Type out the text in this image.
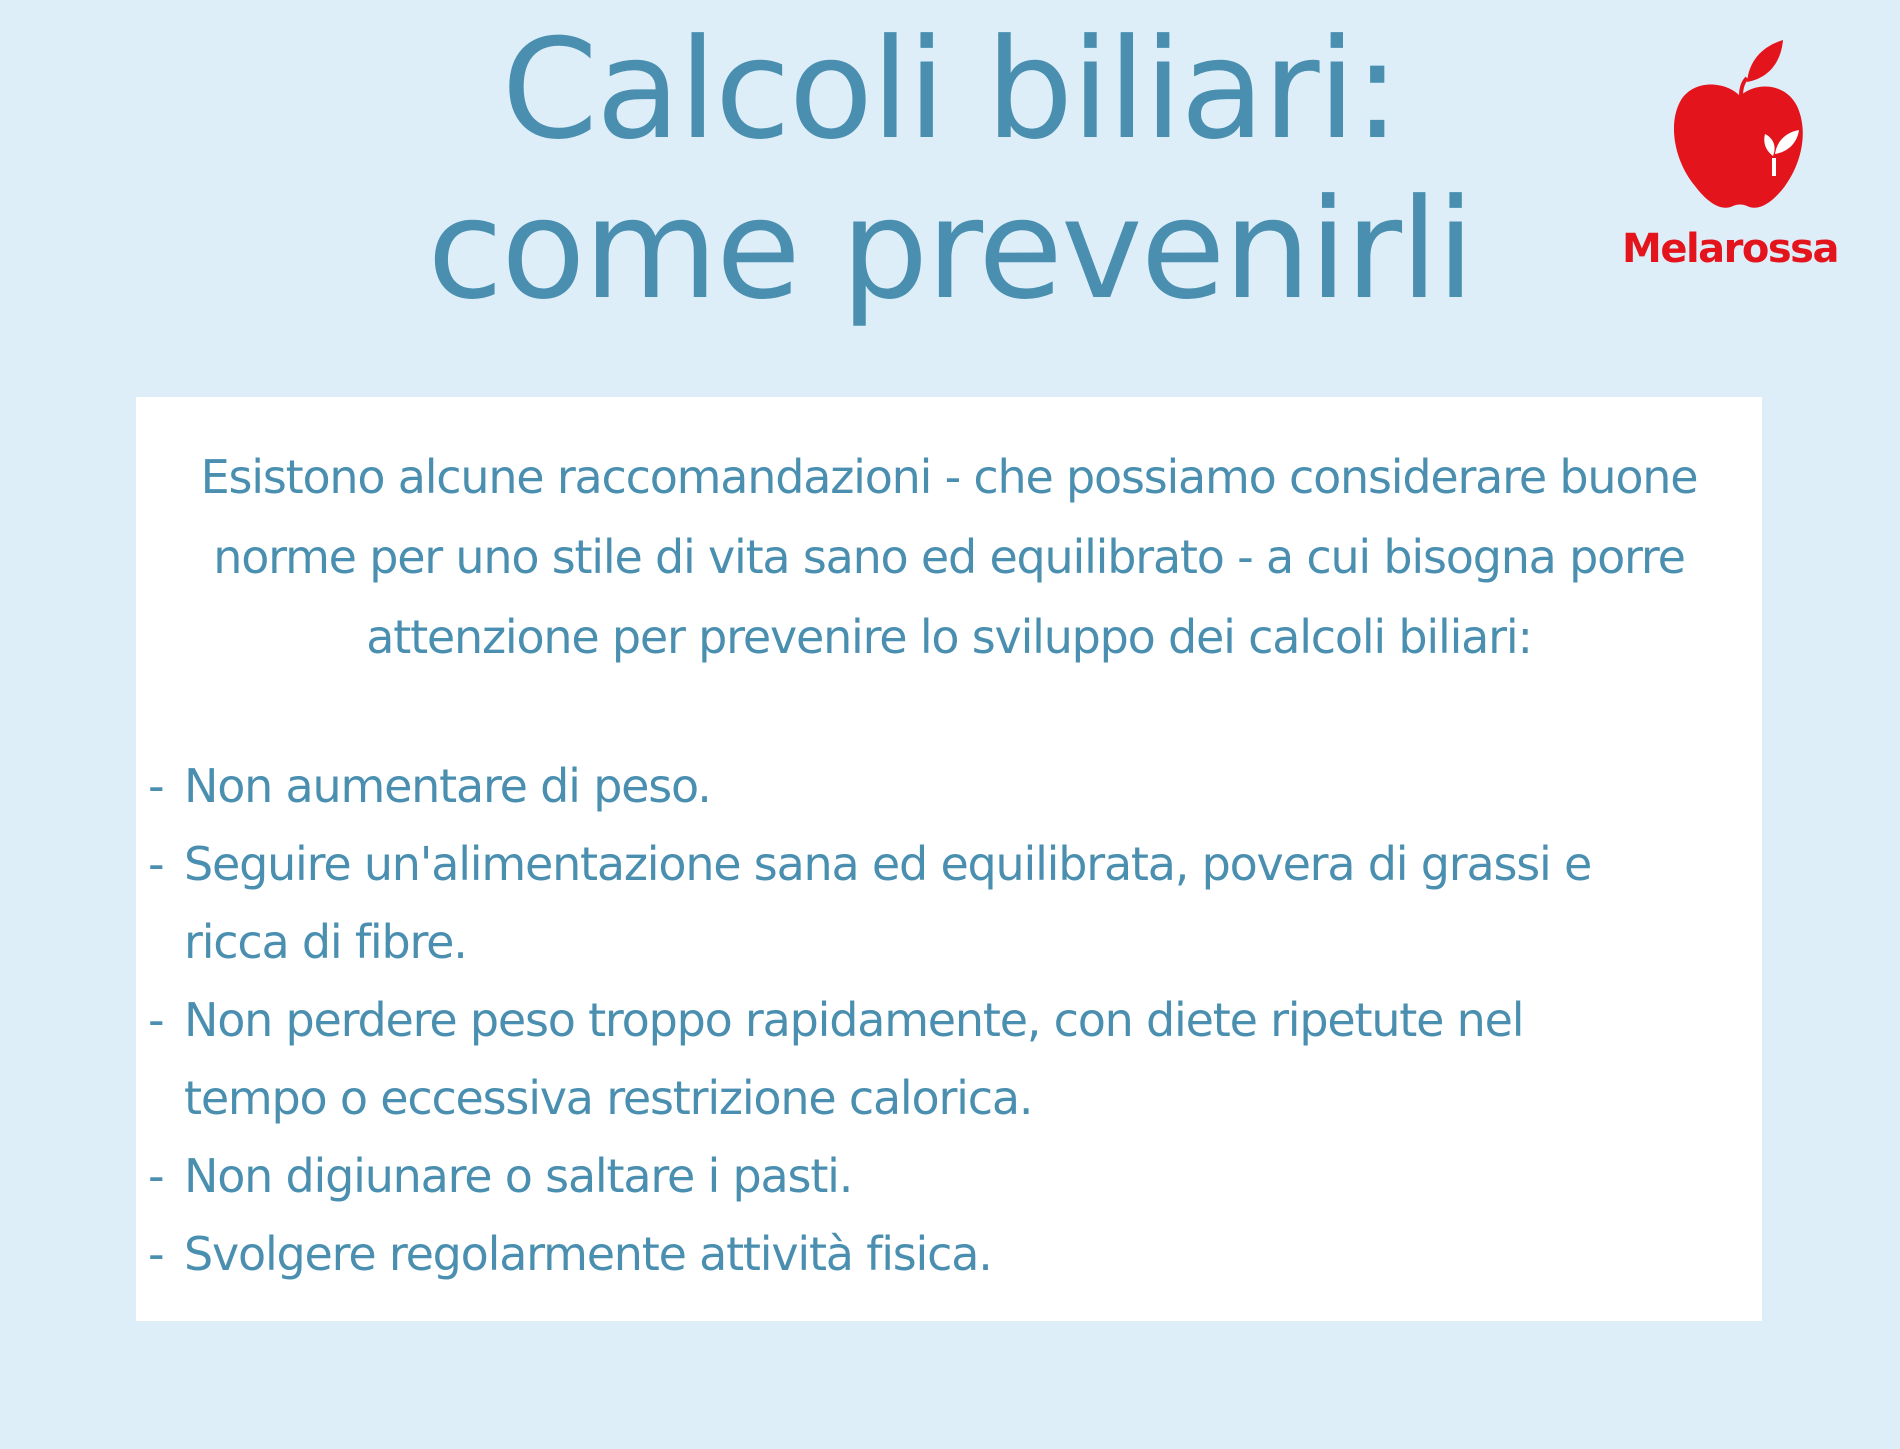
Calcoli biliari:
come prevenirli	Melarossa

Esistono alcune raccomandazioni - che possiamo considerare buone
norme per uno stile di vita sano ed equilibrato - a cui bisogna porre
attenzione per prevenire lo sviluppo dei calcoli biliari:

- Non aumentare di peso.
- Seguire un'alimentazione sana ed equilibrata, povera di grassi e
ricca di fibre.
- Non perdere peso troppo rapidamente, con diete ripetute nel
tempo o eccessiva restrizione calorica.
- Non digiunare o saltare i pasti.
- Svolgere regolarmente attività fisica.
